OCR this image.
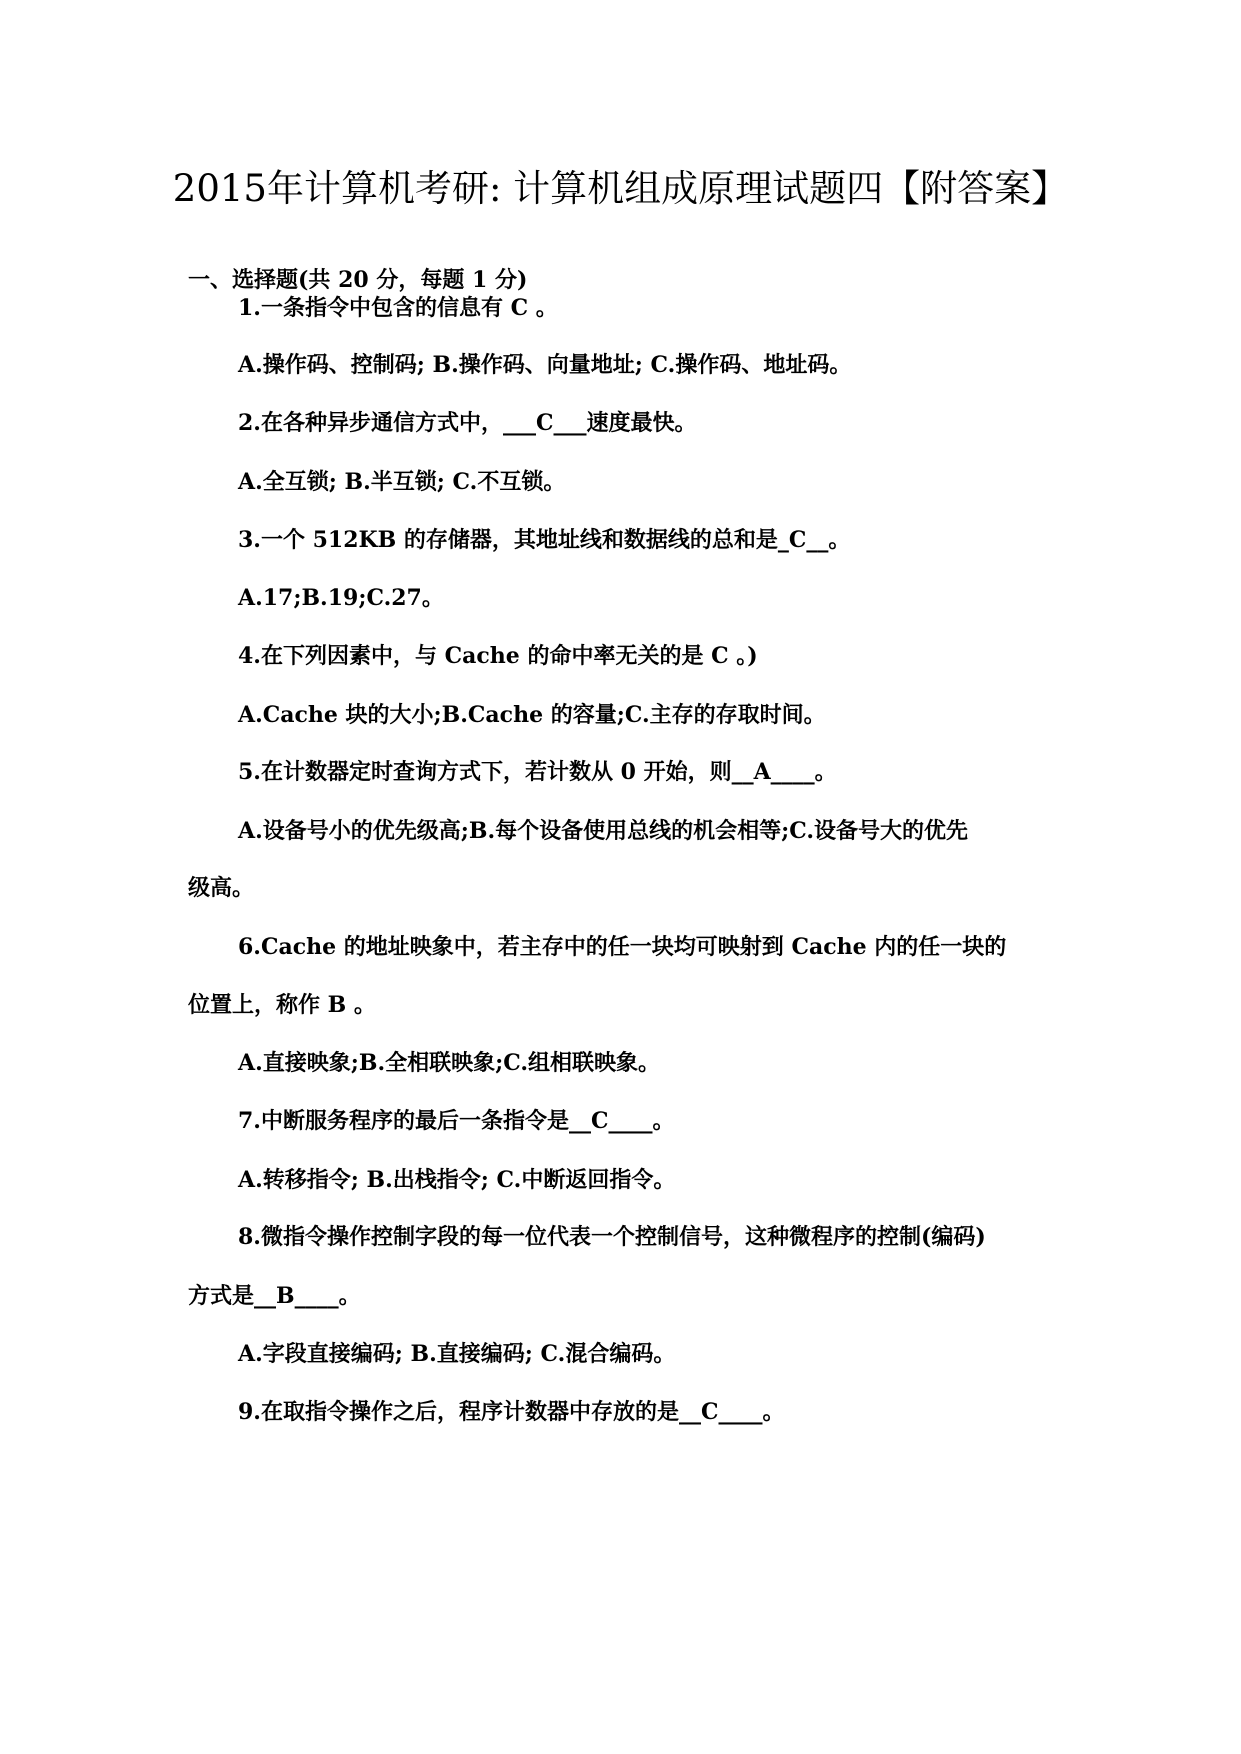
2015年计算机考研: 计算机组成原理试题四【附答案】
一、选择题(共 20 分，每题 1 分)
1.一条指令中包含的信息有 C 。
A.操作码、控制码; B.操作码、向量地址; C.操作码、地址码。
2.在各种异步通信方式中，___C___速度最快。
A.全互锁; B.半互锁; C.不互锁。
3.一个 512KB 的存储器，其地址线和数据线的总和是_C__。
A.17;B.19;C.27。
4.在下列因素中，与 Cache 的命中率无关的是 C 。)
A.Cache 块的大小;B.Cache 的容量;C.主存的存取时间。
5.在计数器定时查询方式下，若计数从 0 开始，则__A____。
A.设备号小的优先级高;B.每个设备使用总线的机会相等;C.设备号大的优先
级高。
6.Cache 的地址映象中，若主存中的任一块均可映射到 Cache 内的任一块的
位置上，称作 B 。
A.直接映象;B.全相联映象;C.组相联映象。
7.中断服务程序的最后一条指令是__C____。
A.转移指令; B.出栈指令; C.中断返回指令。
8.微指令操作控制字段的每一位代表一个控制信号，这种微程序的控制(编码)
方式是__B____。
A.字段直接编码; B.直接编码; C.混合编码。
9.在取指令操作之后，程序计数器中存放的是__C____。
